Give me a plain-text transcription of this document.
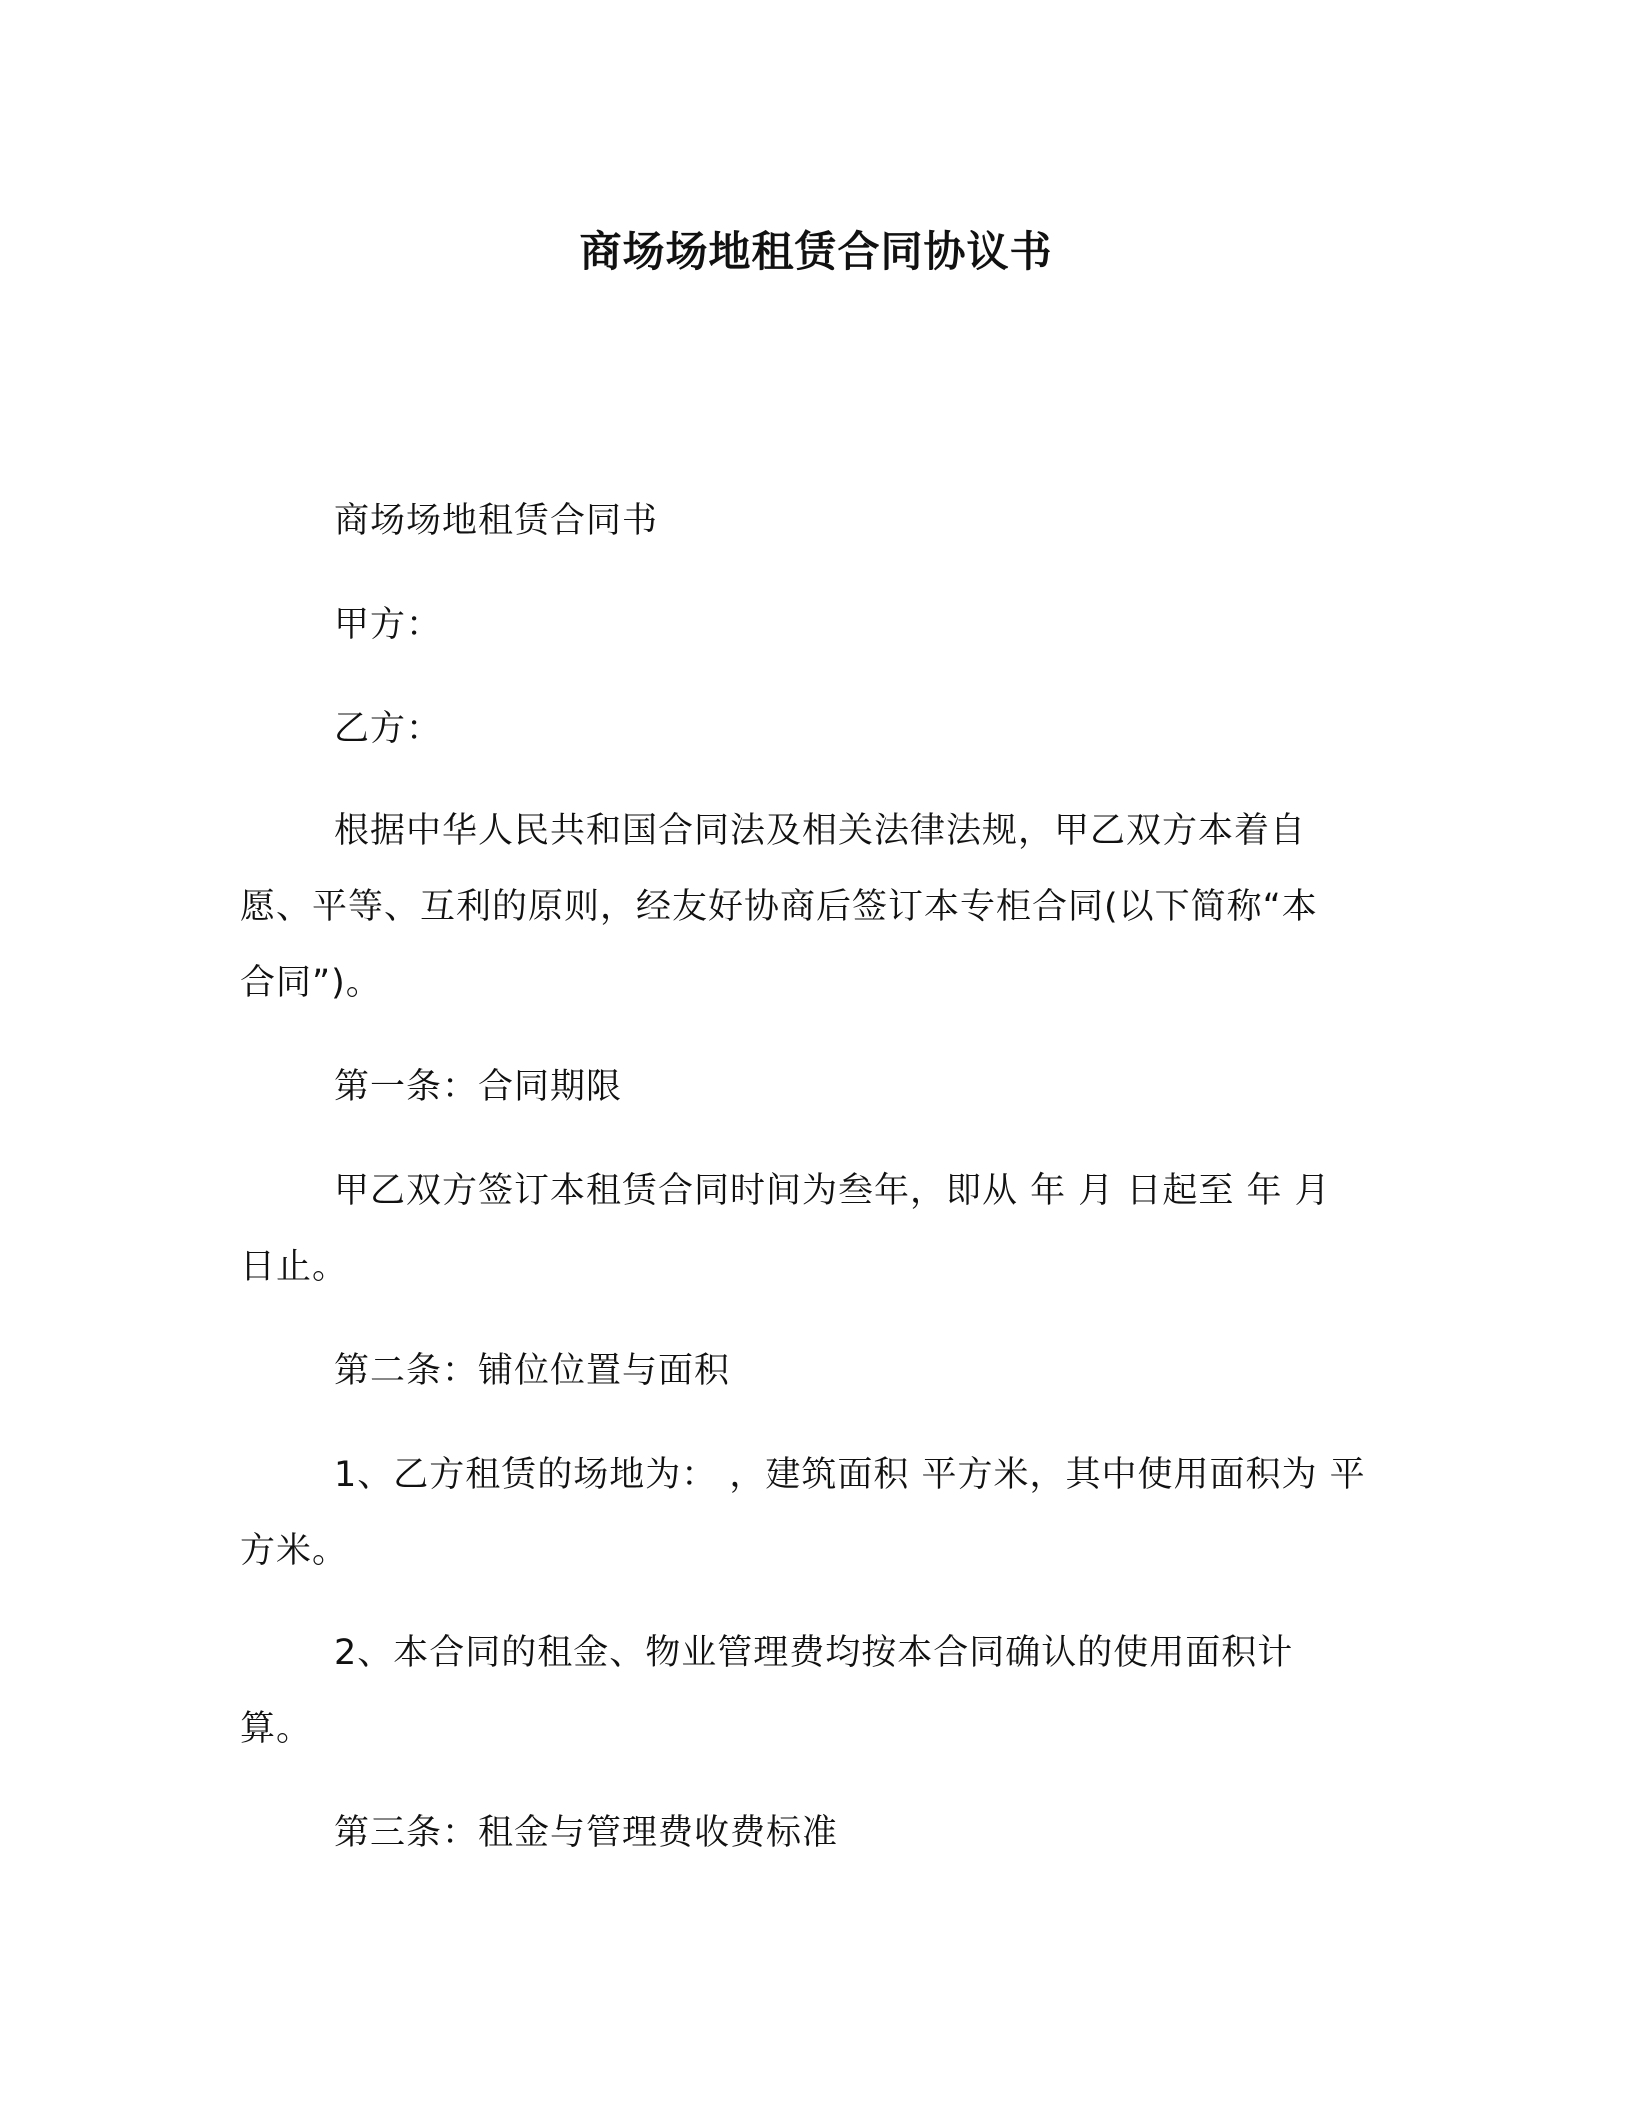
商场场地租赁合同协议书
商场场地租赁合同书
甲方：
乙方：
根据中华人民共和国合同法及相关法律法规，甲乙双方本着自
愿、平等、互利的原则，经友好协商后签订本专柜合同(以下简称“本
合同”)。
第一条：合同期限
甲乙双方签订本租赁合同时间为叁年，即从 年 月 日起至 年 月
日止。
第二条：铺位位置与面积
1、乙方租赁的场地为： ，建筑面积 平方米，其中使用面积为 平
方米。
2、本合同的租金、物业管理费均按本合同确认的使用面积计
算。
第三条：租金与管理费收费标准
